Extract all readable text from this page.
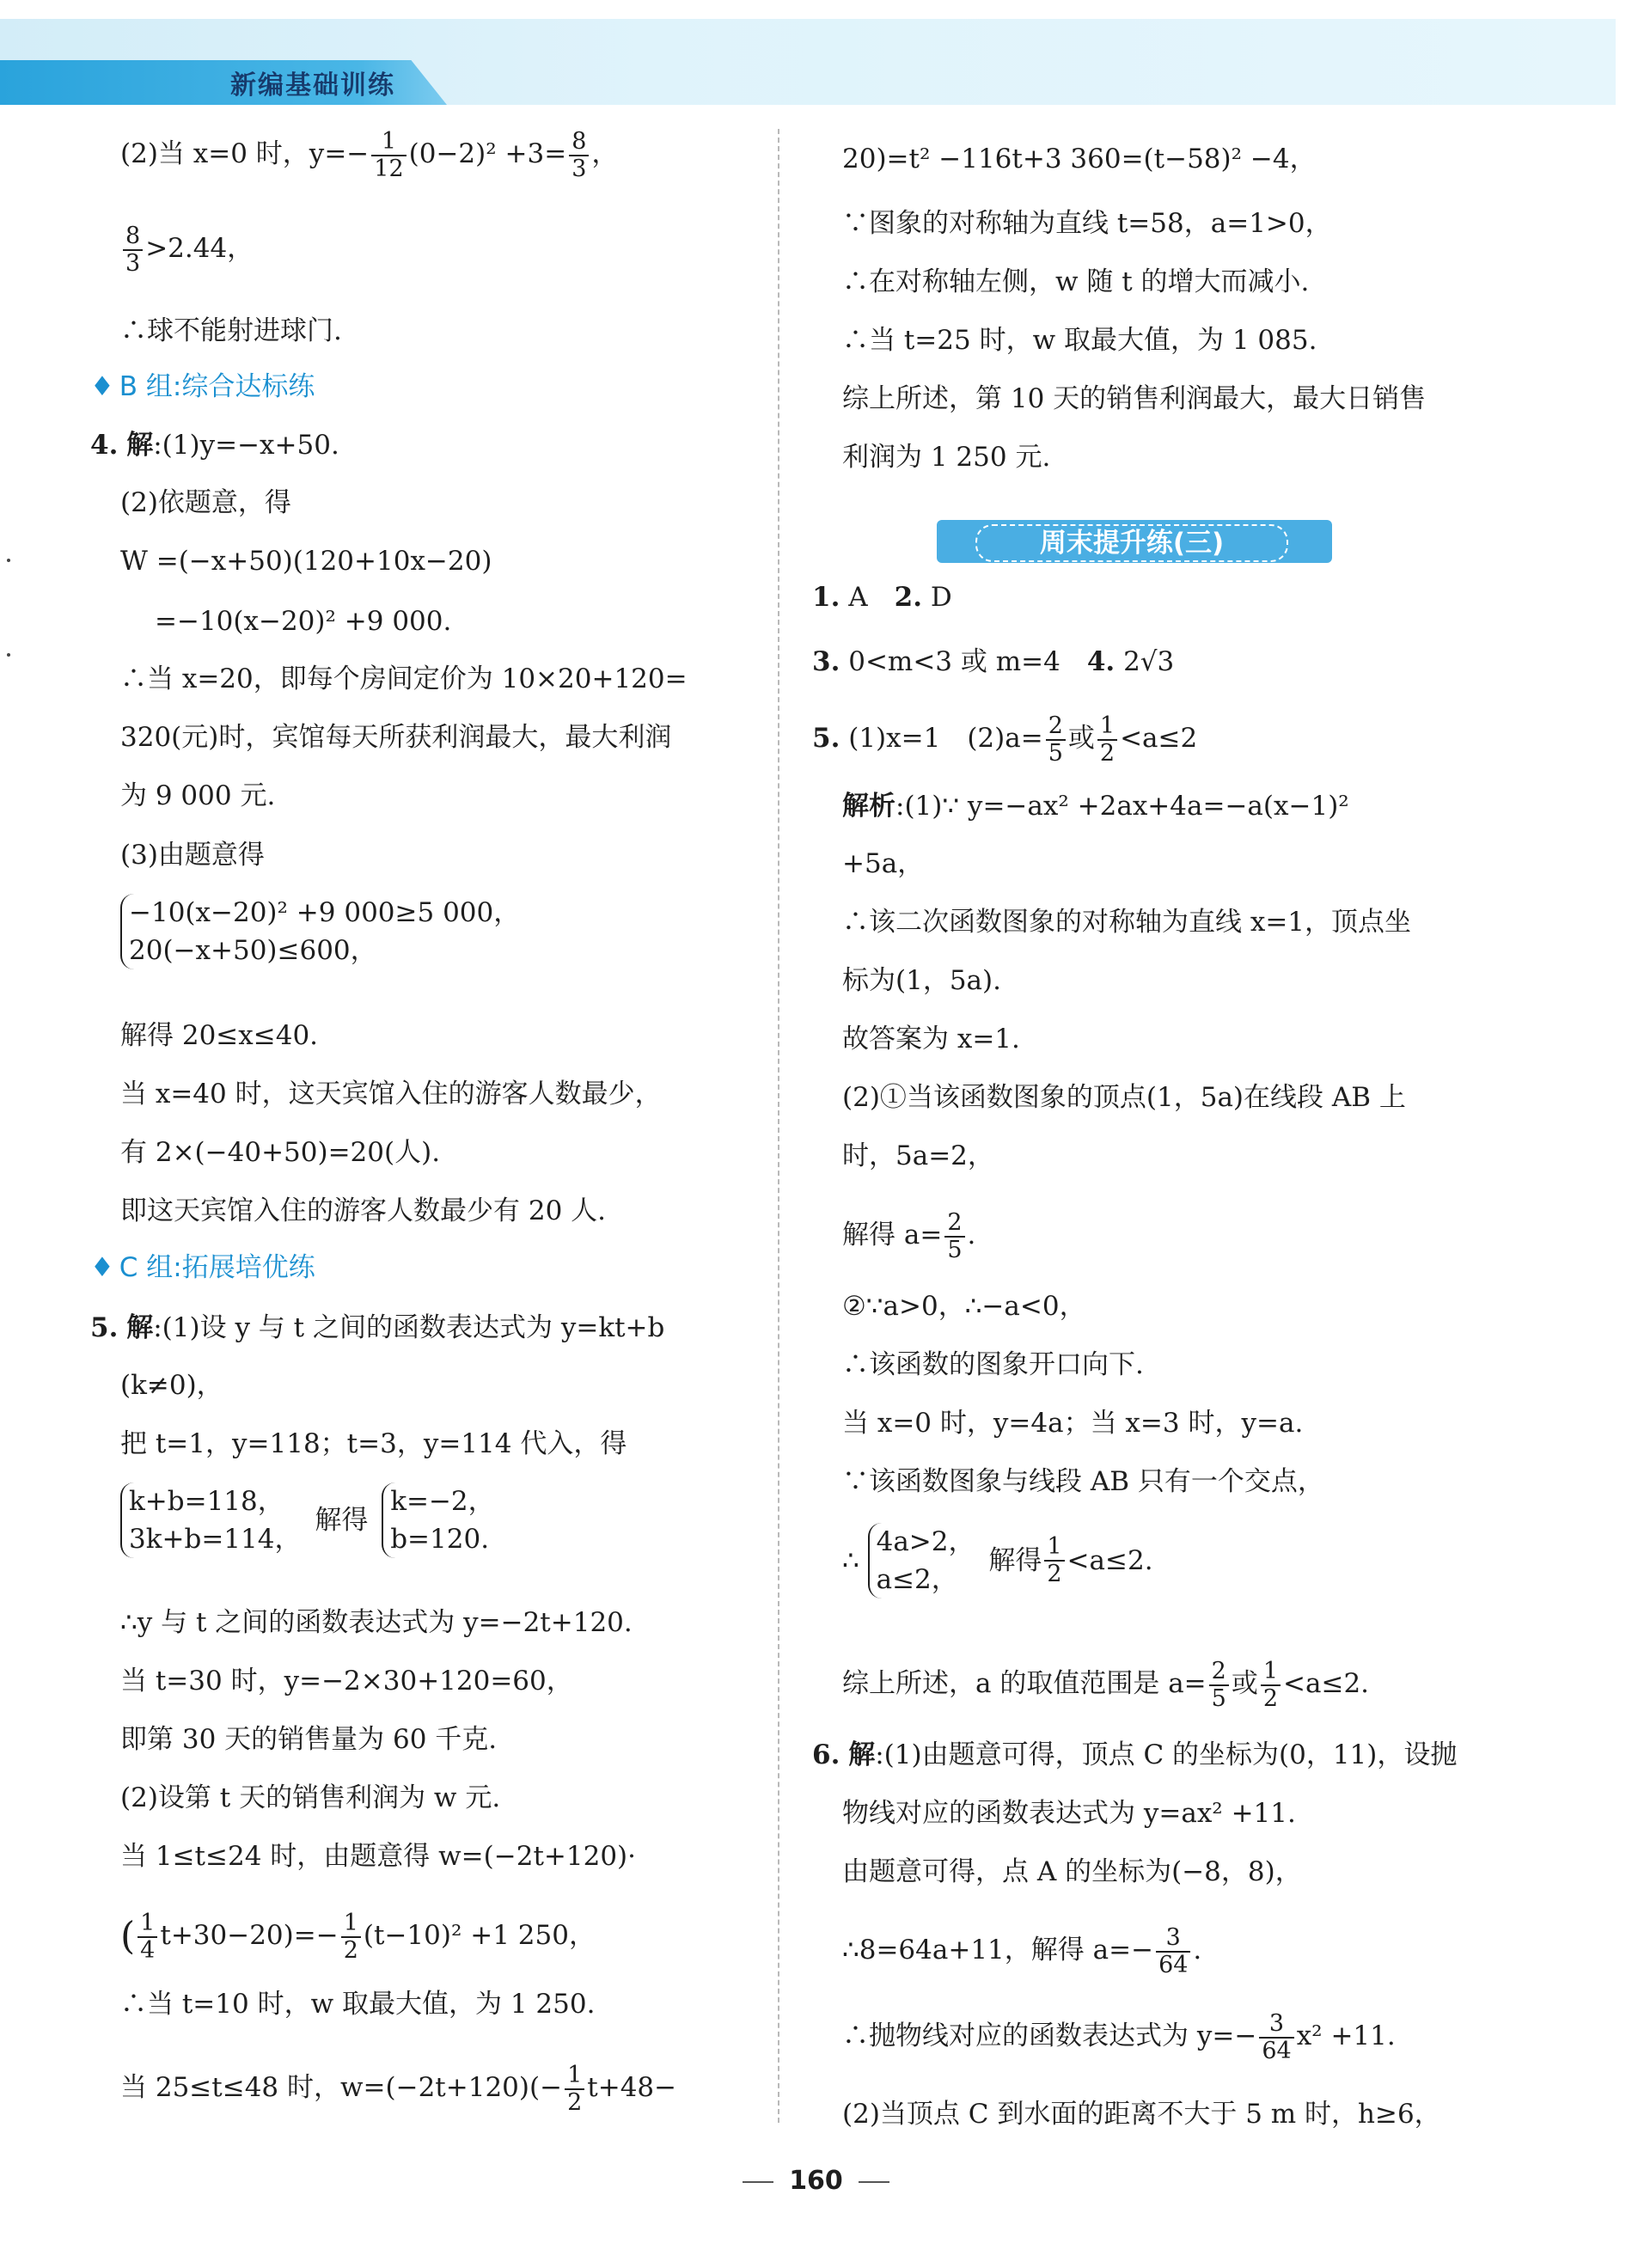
新编基础训练
(2)当 x=0 时，$y=- \frac{1}{12} (0-2)^2 +3= \frac{8}{3}$ ，
$\frac{8}{3} >2.44$，
∴球不能射进球门.
♦ B 组:综合达标练
4. 解:(1)y=−x+50.
(2)依题意，得
W =(−x+50)(120+10x−20)
=−10(x−20)² +9 000.
∴当 x=20，即每个房间定价为 10×20+120=
320(元)时，宾馆每天所获利润最大，最大利润
为 9 000 元.
(3)由题意得
−10(x−20)² +9 000≥5 000，
20(−x+50)≤600，
解得 20≤x≤40.
当 x=40 时，这天宾馆入住的游客人数最少，
有 2×(−40+50)=20(人).
即这天宾馆入住的游客人数最少有 20 人.
♦ C 组:拓展培优练
5. 解:(1)设 y 与 t 之间的函数表达式为 y=kt+b
(k≠0)，
把 t=1，y=118；t=3，y=114 代入，得
k+b=118，
3k+b=114，
解得
k=−2，
b=120.
∴y 与 t 之间的函数表达式为 y=−2t+120.
当 t=30 时，y=−2×30+120=60，
即第 30 天的销售量为 60 千克.
(2)设第 t 天的销售利润为 w 元.
当 1≤t≤24 时，由题意得 w=(−2t+120)·
( $\frac{1}{4} t+30-20)=- \frac{1}{2} (t-10)^2 +1$ 250，
∴当 t=10 时，w 取最大值，为 1 250.
当 25≤t≤48 时，$w=(-2t+120)(- \frac{1}{2} t+48-$
20)=t² −116t+3 360=(t−58)² −4，
∵图象的对称轴为直线 t=58，a=1>0，
∴在对称轴左侧，w 随 t 的增大而减小.
∴当 t=25 时，w 取最大值，为 1 085.
综上所述，第 10 天的销售利润最大，最大日销售
利润为 1 250 元.
1. A　 2. D
3. 0<m<3 或 m=4　 4. 2√3
5. (1)x=1　$(2)a= \frac{2}{5}$ 或 $\frac{1}{2} <a\le 2$
解析:(1)∵ y=−ax² +2ax+4a=−a(x−1)²
+5a，
∴该二次函数图象的对称轴为直线 x=1，顶点坐
标为(1，5a).
故答案为 x=1.
(2)①当该函数图象的顶点(1，5a)在线段 AB 上
时，5a=2，
解得 $a= \frac{2}{5}$ .
②∵a>0，∴−a<0，
∴该函数的图象开口向下.
当 x=0 时，y=4a；当 x=3 时，y=a.
∵该函数图象与线段 AB 只有一个交点，
∴
4a>2，
a≤2，
解得 $\frac{1}{2} <a\le 2$.
综上所述，a 的取值范围是 $a= \frac{2}{5}$ 或 $\frac{1}{2} <a\le 2$.
6. 解:(1)由题意可得，顶点 C 的坐标为(0，11)，设抛
物线对应的函数表达式为 y=ax² +11.
由题意可得，点 A 的坐标为(−8，8)，
∴8=64a+11，解得 $a=- \frac{3}{64}$ .
∴抛物线对应的函数表达式为 $y=- \frac{3}{64} x^2 +11$.
(2)当顶点 C 到水面的距离不大于 5 m 时，h≥6，
周末提升练(三)
160
